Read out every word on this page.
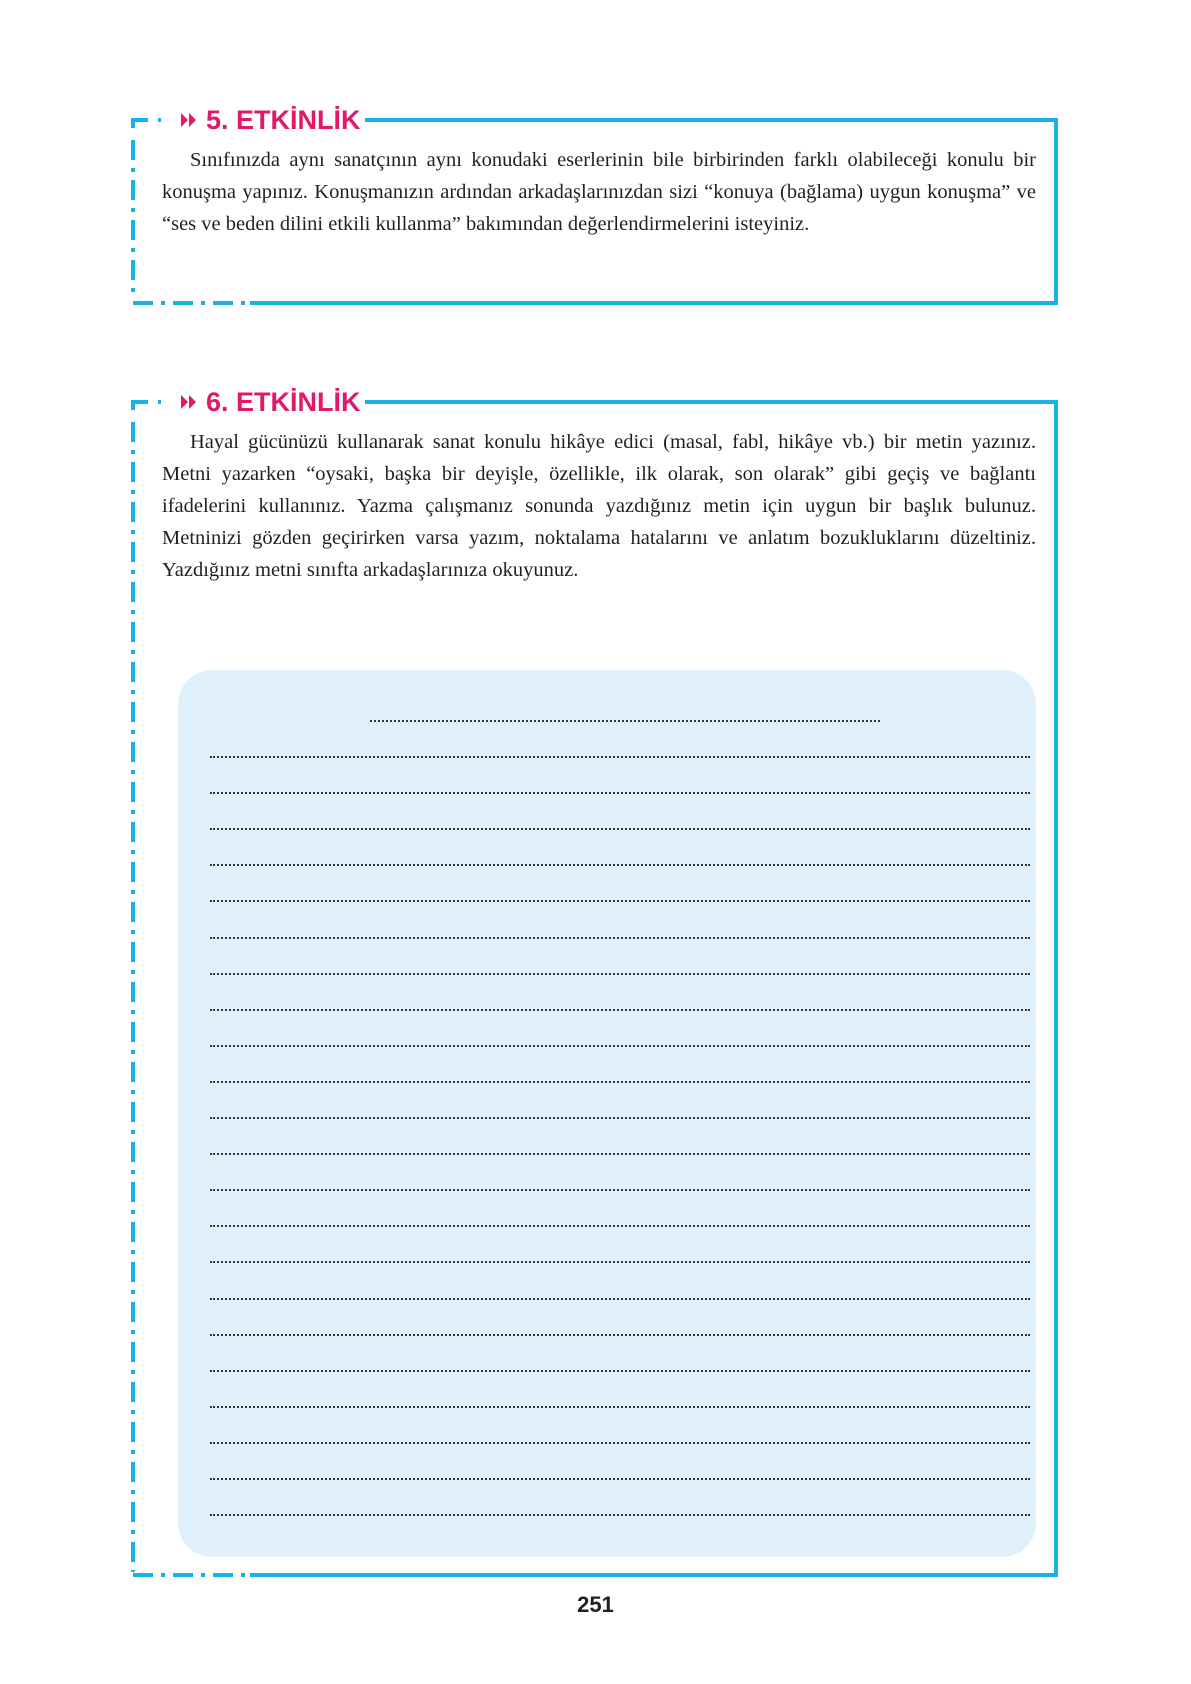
5. ETKİNLİK

Sınıfınızda aynı sanatçının aynı konudaki eserlerinin bile birbirinden farklı olabileceği konulu bir konuşma yapınız. Konuşmanızın ardından arkadaşlarınızdan sizi “konuya (bağlama) uygun konuşma” ve “ses ve beden dilini etkili kullanma” bakımından değerlendirmelerini isteyiniz.

6. ETKİNLİK

Hayal gücünüzü kullanarak sanat konulu hikâye edici (masal, fabl, hikâye vb.) bir metin yazınız. Metni yazarken “oysaki, başka bir deyişle, özellikle, ilk olarak, son olarak” gibi geçiş ve bağlantı ifadelerini kullanınız. Yazma çalışmanız sonunda yazdığınız metin için uygun bir başlık bulunuz. Metninizi gözden geçirirken varsa yazım, noktalama hatalarını ve anlatım bozukluklarını düzeltiniz. Yazdığınız metni sınıfta arkadaşlarınıza okuyunuz.

251
